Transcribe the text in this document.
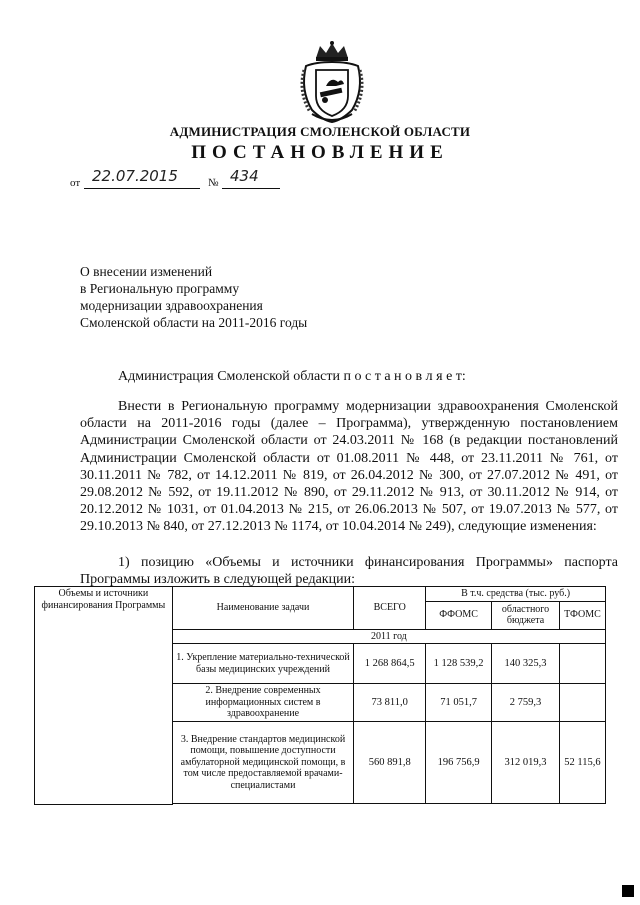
АДМИНИСТРАЦИЯ СМОЛЕНСКОЙ ОБЛАСТИ
ПОСТАНОВЛЕНИЕ
от 22.07.2015	№ 434
О внесении изменений
в Региональную программу
модернизации здравоохранения
Смоленской области на 2011-2016 годы
Администрация Смоленской области п о с т а н о в л я е т:

Внести в Региональную программу модернизации здравоохранения Смоленской области на 2011-2016 годы (далее – Программа), утвержденную постановлением Администрации Смоленской области от 24.03.2011 № 168 (в редакции постановлений Администрации Смоленской области от 01.08.2011 № 448, от 23.11.2011 № 761, от 30.11.2011 № 782, от 14.12.2011 № 819, от 26.04.2012 № 300, от 27.07.2012 № 491, от 29.08.2012 № 592, от 19.11.2012 № 890, от 29.11.2012 № 913, от 30.11.2012 № 914, от 20.12.2012 № 1031, от 01.04.2013 № 215, от 26.06.2013 № 507, от 19.07.2013 № 577, от 29.10.2013 № 840, от 27.12.2013 № 1174, от 10.04.2014 № 249), следующие изменения:

1) позицию «Объемы и источники финансирования Программы» паспорта Программы изложить в следующей редакции:

Объемы и источники финансирования Программы	Наименование задачи	ВСЕГО	В т.ч. средства (тыс. руб.)		
			ФФОМС	областного бюджета	ТФОМС
	2011 год				
	1. Укрепление материально-технической базы медицинских учреждений	1 268 864,5	1 128 539,2	140 325,3	
	2. Внедрение современных информационных систем в здравоохранение	73 811,0	71 051,7	2 759,3	
	3. Внедрение стандартов медицинской помощи, повышение доступности амбулаторной медицинской помощи, в том числе предоставляемой врачами-специалистами	560 891,8	196 756,9	312 019,3	52 115,6
